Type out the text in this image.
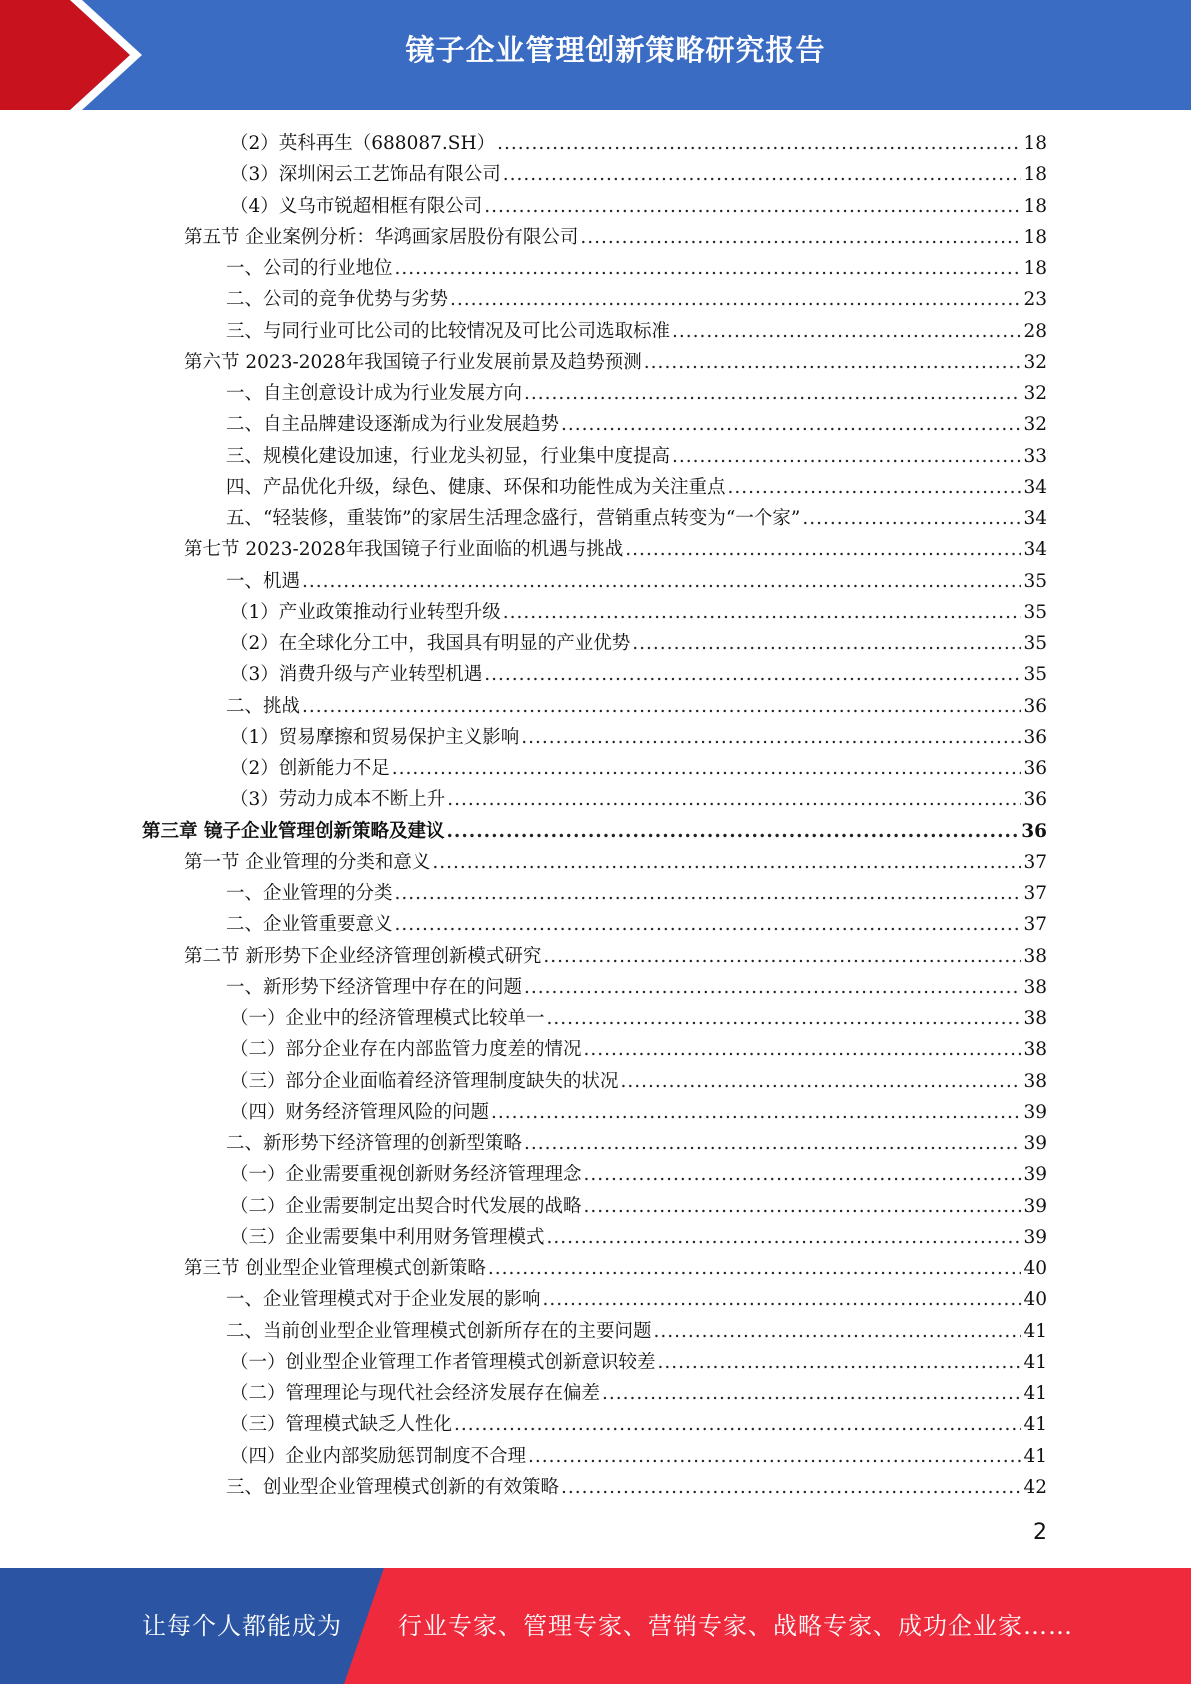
镜子企业管理创新策略研究报告
（2）英科再生（688087.SH） .....	18
（3）深圳闲云工艺饰品有限公司 .....	18
（4）义乌市锐超相框有限公司 .....	18
第五节 企业案例分析：华鸿画家居股份有限公司 .....	18
一、公司的行业地位 .....	18
二、公司的竞争优势与劣势 .....	23
三、与同行业可比公司的比较情况及可比公司选取标准 .....	28
第六节 2023-2028年我国镜子行业发展前景及趋势预测 .....	32
一、自主创意设计成为行业发展方向 .....	32
二、自主品牌建设逐渐成为行业发展趋势 .....	32
三、规模化建设加速，行业龙头初显，行业集中度提高 .....	33
四、产品优化升级，绿色、健康、环保和功能性成为关注重点 .....	34
五、“轻装修，重装饰”的家居生活理念盛行，营销重点转变为“一个家” .....	34
第七节 2023-2028年我国镜子行业面临的机遇与挑战 .....	34
一、机遇 .....	35
（1）产业政策推动行业转型升级 .....	35
（2）在全球化分工中，我国具有明显的产业优势 .....	35
（3）消费升级与产业转型机遇 .....	35
二、挑战 .....	36
（1）贸易摩擦和贸易保护主义影响 .....	36
（2）创新能力不足 .....	36
（3）劳动力成本不断上升 .....	36
第三章 镜子企业管理创新策略及建议 .....	36
第一节 企业管理的分类和意义 .....	37
一、企业管理的分类 .....	37
二、企业管重要意义 .....	37
第二节 新形势下企业经济管理创新模式研究 .....	38
一、新形势下经济管理中存在的问题 .....	38
（一）企业中的经济管理模式比较单一 .....	38
（二）部分企业存在内部监管力度差的情况 .....	38
（三）部分企业面临着经济管理制度缺失的状况 .....	38
（四）财务经济管理风险的问题 .....	39
二、新形势下经济管理的创新型策略 .....	39
（一）企业需要重视创新财务经济管理理念 .....	39
（二）企业需要制定出契合时代发展的战略 .....	39
（三）企业需要集中利用财务管理模式 .....	39
第三节 创业型企业管理模式创新策略 .....	40
一、企业管理模式对于企业发展的影响 .....	40
二、当前创业型企业管理模式创新所存在的主要问题 .....	41
（一）创业型企业管理工作者管理模式创新意识较差 .....	41
（二）管理理论与现代社会经济发展存在偏差 .....	41
（三）管理模式缺乏人性化 .....	41
（四）企业内部奖励惩罚制度不合理 .....	41
三、创业型企业管理模式创新的有效策略 .....	42
2
让每个人都能成为 行业专家、管理专家、营销专家、战略专家、成功企业家……
